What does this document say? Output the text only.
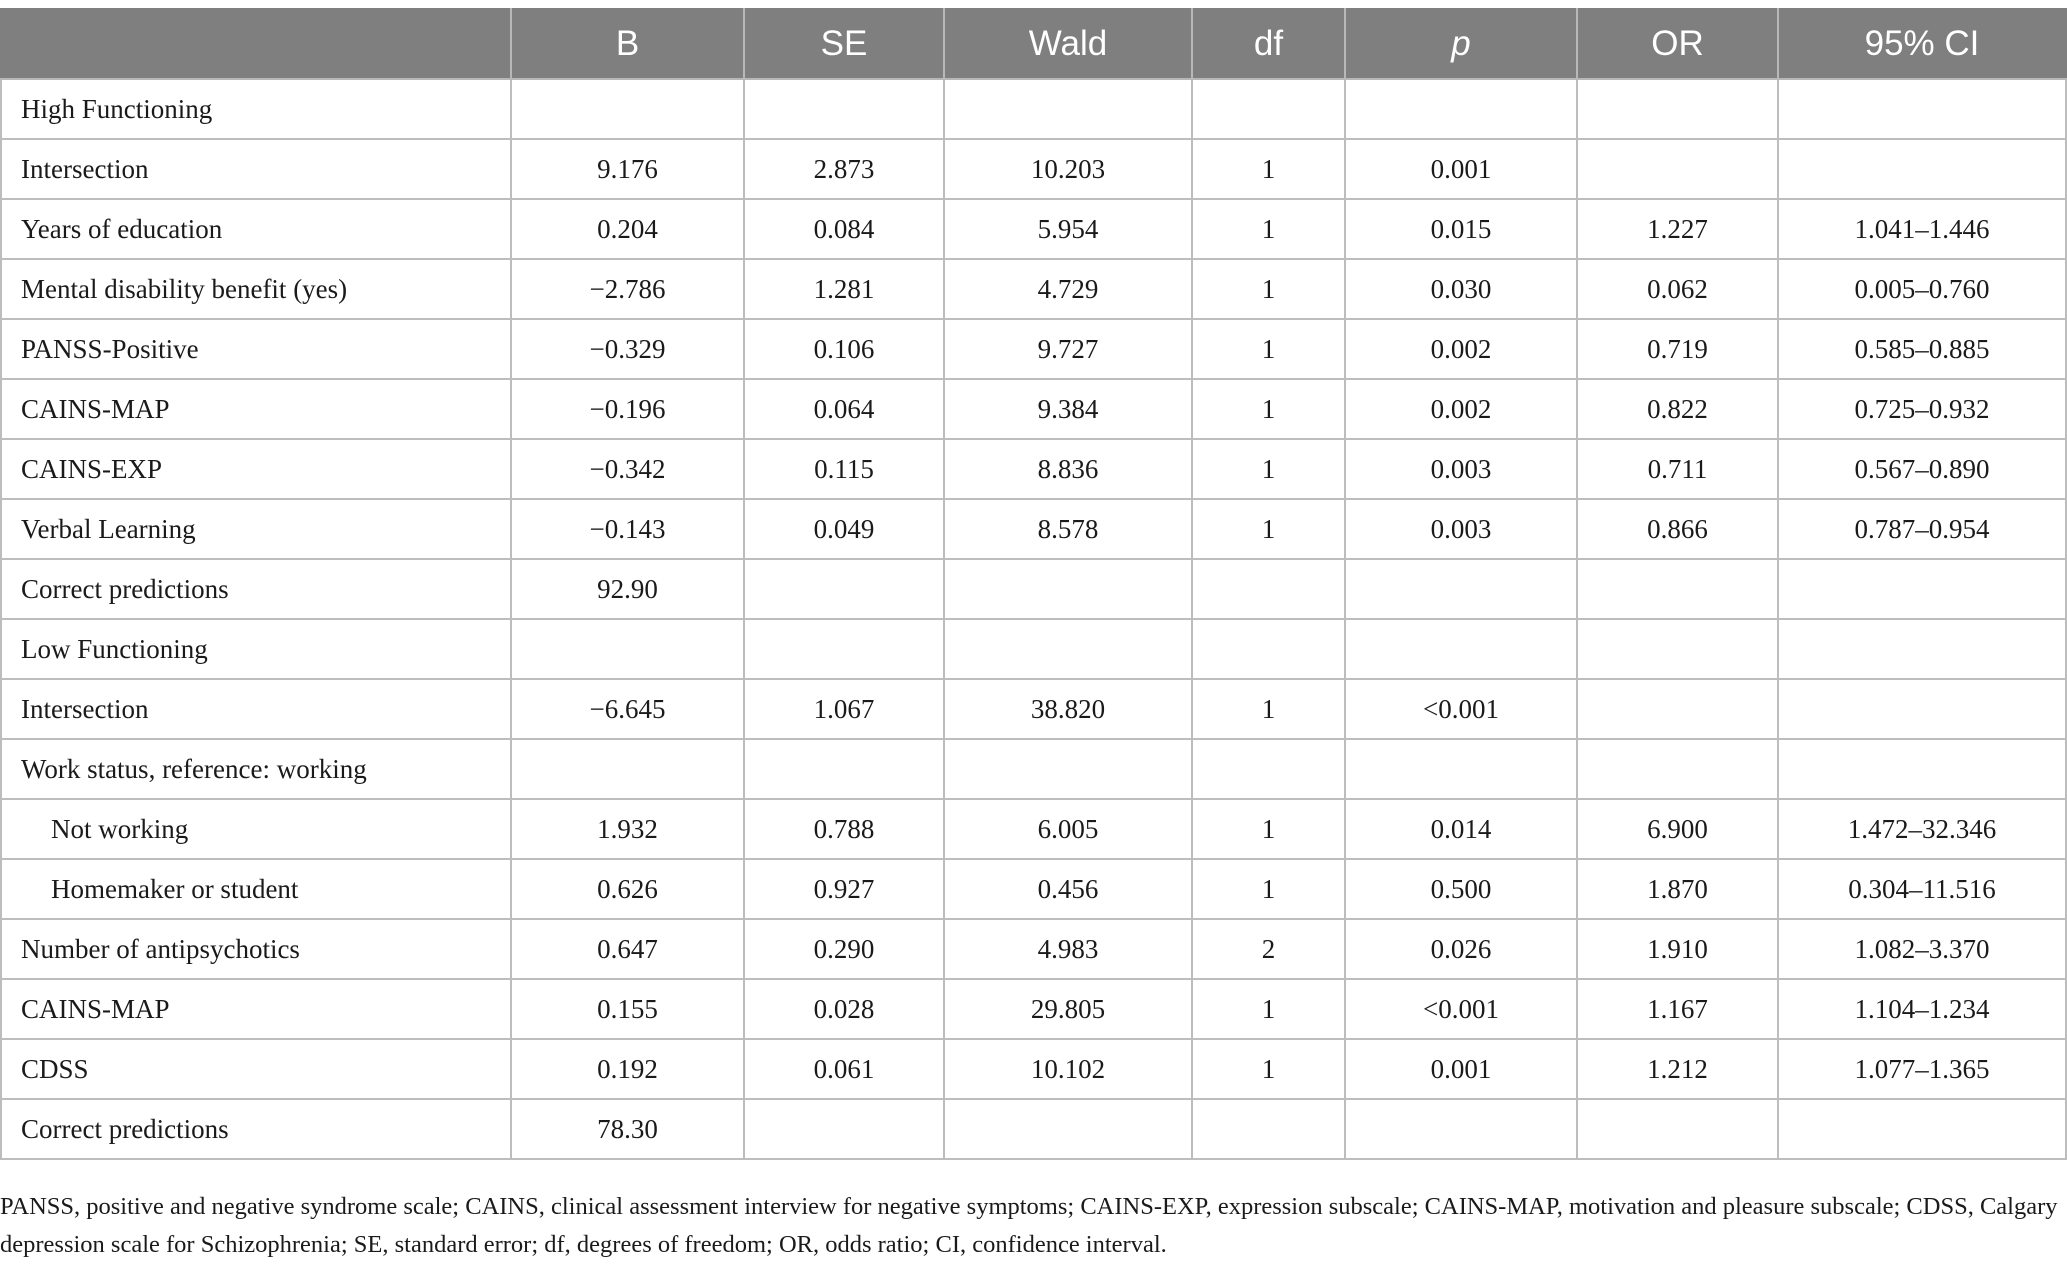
	B	SE	Wald	df	p	OR	95% CI
High Functioning							
Intersection	9.176	2.873	10.203	1	0.001		
Years of education	0.204	0.084	5.954	1	0.015	1.227	1.041–1.446
Mental disability benefit (yes)	−2.786	1.281	4.729	1	0.030	0.062	0.005–0.760
PANSS-Positive	−0.329	0.106	9.727	1	0.002	0.719	0.585–0.885
CAINS-MAP	−0.196	0.064	9.384	1	0.002	0.822	0.725–0.932
CAINS-EXP	−0.342	0.115	8.836	1	0.003	0.711	0.567–0.890
Verbal Learning	−0.143	0.049	8.578	1	0.003	0.866	0.787–0.954
Correct predictions	92.90						
Low Functioning							
Intersection	−6.645	1.067	38.820	1	<0.001		
Work status, reference: working							
Not working	1.932	0.788	6.005	1	0.014	6.900	1.472–32.346
Homemaker or student	0.626	0.927	0.456	1	0.500	1.870	0.304–11.516
Number of antipsychotics	0.647	0.290	4.983	2	0.026	1.910	1.082–3.370
CAINS-MAP	0.155	0.028	29.805	1	<0.001	1.167	1.104–1.234
CDSS	0.192	0.061	10.102	1	0.001	1.212	1.077–1.365
Correct predictions	78.30						
PANSS, positive and negative syndrome scale; CAINS, clinical assessment interview for negative symptoms; CAINS-EXP, expression subscale; CAINS-MAP, motivation and pleasure subscale; CDSS, Calgary depression scale for Schizophrenia; SE, standard error; df, degrees of freedom; OR, odds ratio; CI, confidence interval.
